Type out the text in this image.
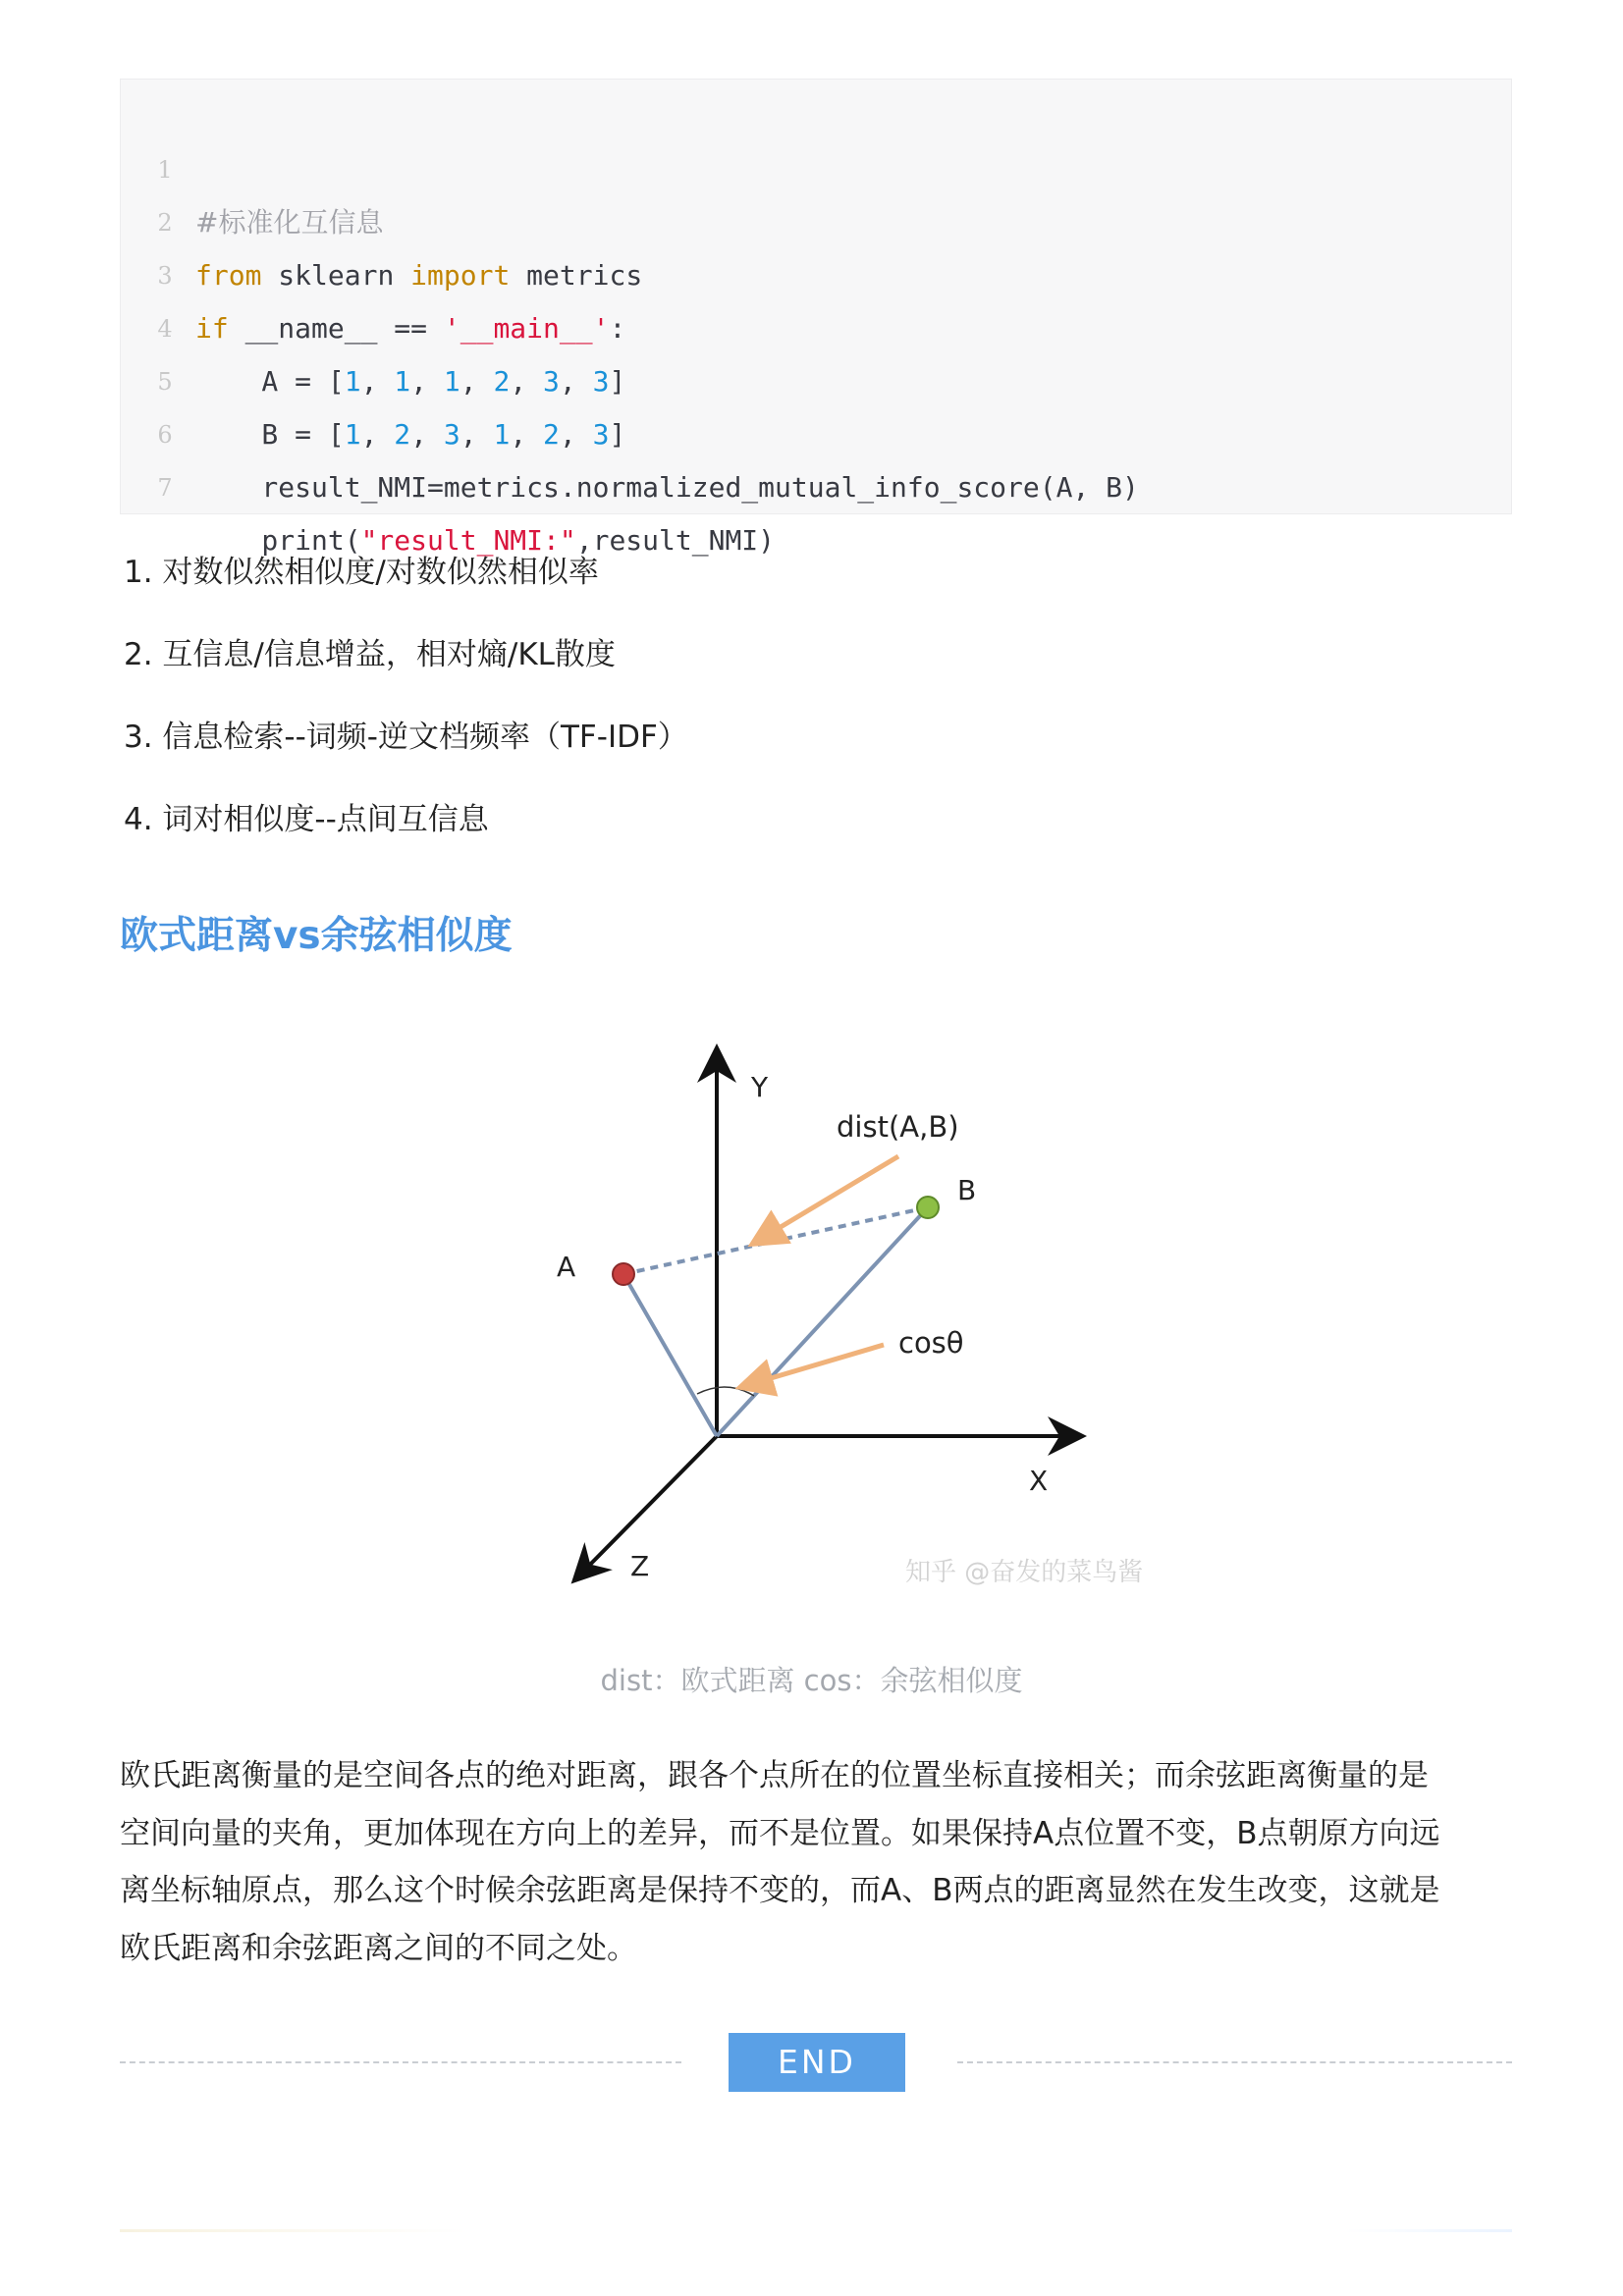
1

#标准化互信息

2

from sklearn import metrics

3

if __name__ == '__main__':

4

A = [1, 1, 1, 2, 3, 3]

5

B = [1, 2, 3, 1, 2, 3]

6

result_NMI=metrics.normalized_mutual_info_score(A, B)

7

print("result_NMI:",result_NMI)

1. 对数似然相似度/对数似然相似率
2. 互信息/信息增益，相对熵/KL散度
3. 信息检索--词频-逆文档频率（TF-IDF）
4. 词对相似度--点间互信息
欧式距离vs余弦相似度
Y
X
Z
A
B
dist(A,B)
cosθ
知乎 @奋发的菜鸟酱
dist：欧式距离 cos：余弦相似度
欧氏距离衡量的是空间各点的绝对距离，跟各个点所在的位置坐标直接相关；而余弦距离衡量的是
空间向量的夹角，更加体现在方向上的差异，而不是位置。如果保持A点位置不变，B点朝原方向远
离坐标轴原点，那么这个时候余弦距离是保持不变的，而A、B两点的距离显然在发生改变，这就是
欧氏距离和余弦距离之间的不同之处。
END
